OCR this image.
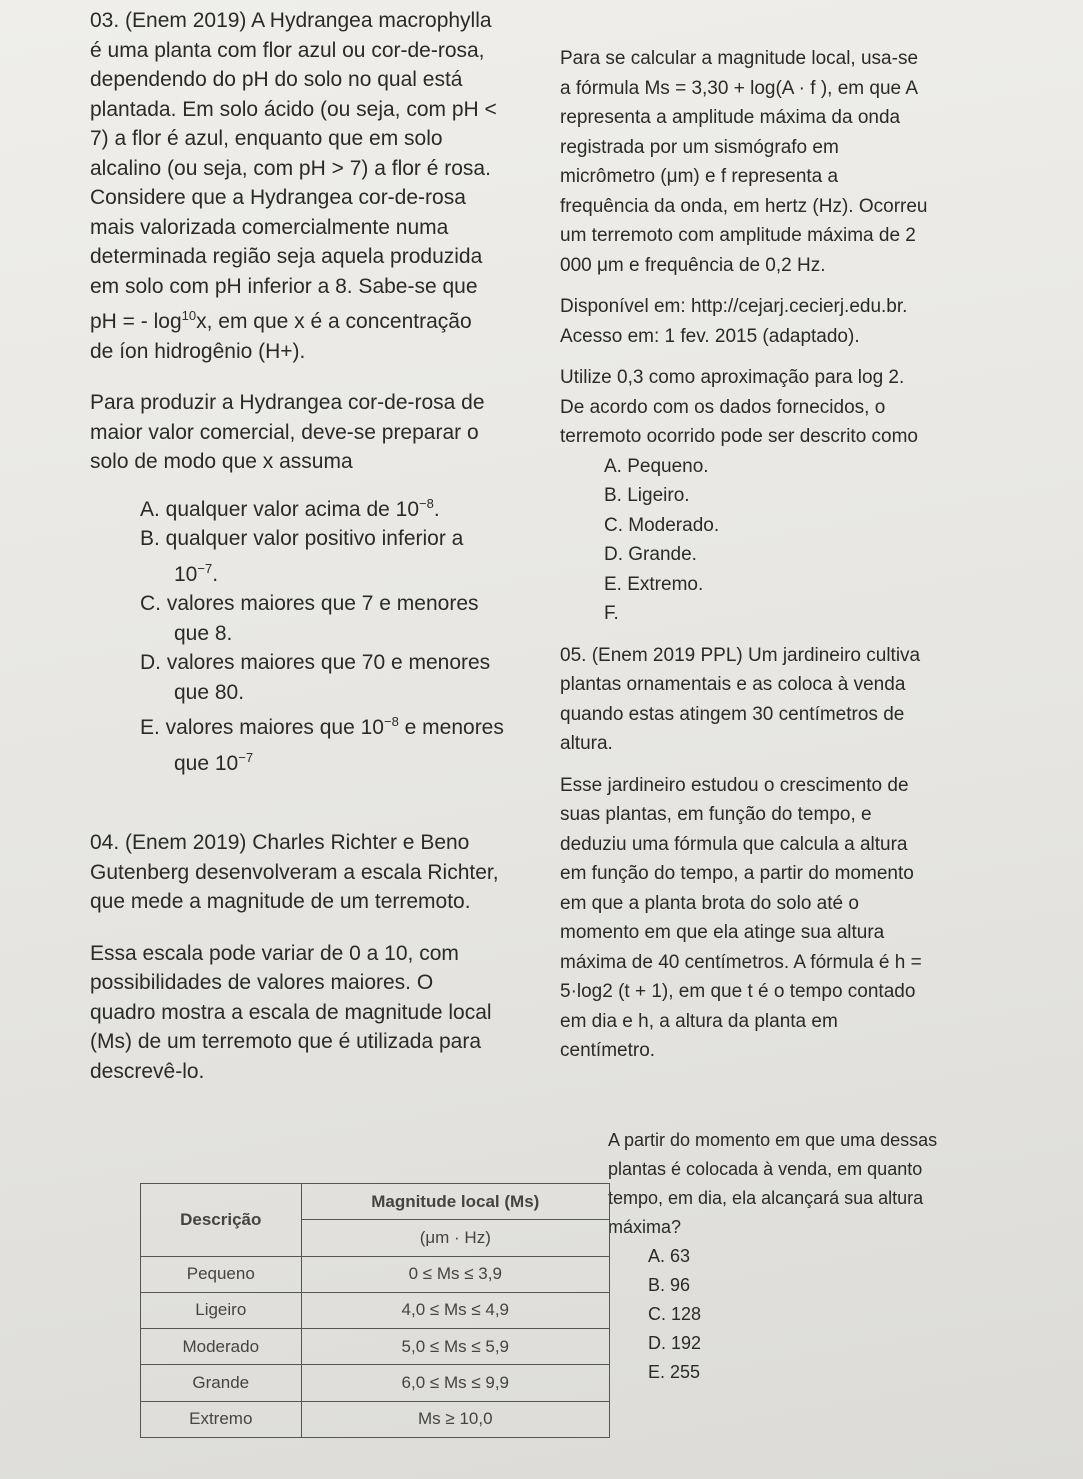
03. (Enem 2019) A Hydrangea macrophylla

é uma planta com flor azul ou cor-de-rosa,

dependendo do pH do solo no qual está

plantada. Em solo ácido (ou seja, com pH <

7) a flor é azul, enquanto que em solo

alcalino (ou seja, com pH > 7) a flor é rosa.

Considere que a Hydrangea cor-de-rosa

mais valorizada comercialmente numa

determinada região seja aquela produzida

em solo com pH inferior a 8. Sabe-se que

pH = - $\log^{10}x$, em que x é a concentração

de íon hidrogênio (H+).

Para produzir a Hydrangea cor-de-rosa de

maior valor comercial, deve-se preparar o

solo de modo que x assuma

A. qualquer valor acima de $10^{-8}$.

B. qualquer valor positivo inferior a

$10^{-7}$.

C. valores maiores que 7 e menores

que 8.

D. valores maiores que 70 e menores

que 80.

E. valores maiores que $10^{-8}$ e menores

que $10^{-7}$

04. (Enem 2019) Charles Richter e Beno

Gutenberg desenvolveram a escala Richter,

que mede a magnitude de um terremoto.

Essa escala pode variar de 0 a 10, com

possibilidades de valores maiores. O

quadro mostra a escala de magnitude local

(Ms) de um terremoto que é utilizada para

descrevê-lo.

Para se calcular a magnitude local, usa-se

a fórmula Ms = 3,30 + log(A · f ), em que A

representa a amplitude máxima da onda

registrada por um sismógrafo em

micrômetro (μm) e f representa a

frequência da onda, em hertz (Hz). Ocorreu

um terremoto com amplitude máxima de 2

000 μm e frequência de 0,2 Hz.

Disponível em: http://cejarj.cecierj.edu.br.

Acesso em: 1 fev. 2015 (adaptado).

Utilize 0,3 como aproximação para log 2.

De acordo com os dados fornecidos, o

terremoto ocorrido pode ser descrito como

A. Pequeno.

B. Ligeiro.

C. Moderado.

D. Grande.

E. Extremo.

F.

05. (Enem 2019 PPL) Um jardineiro cultiva

plantas ornamentais e as coloca à venda

quando estas atingem 30 centímetros de

altura.

Esse jardineiro estudou o crescimento de

suas plantas, em função do tempo, e

deduziu uma fórmula que calcula a altura

em função do tempo, a partir do momento

em que a planta brota do solo até o

momento em que ela atinge sua altura

máxima de 40 centímetros. A fórmula é h =

5·log2 (t + 1), em que t é o tempo contado

em dia e h, a altura da planta em

centímetro.

A partir do momento em que uma dessas

plantas é colocada à venda, em quanto

tempo, em dia, ela alcançará sua altura

máxima?

A. 63

B. 96

C. 128

D. 192

E. 255

Descrição	Magnitude local (Ms)
	(μm · Hz)
Pequeno	0 ≤ Ms ≤ 3,9
Ligeiro	4,0 ≤ Ms ≤ 4,9
Moderado	5,0 ≤ Ms ≤ 5,9
Grande	6,0 ≤ Ms ≤ 9,9
Extremo	Ms ≥ 10,0
